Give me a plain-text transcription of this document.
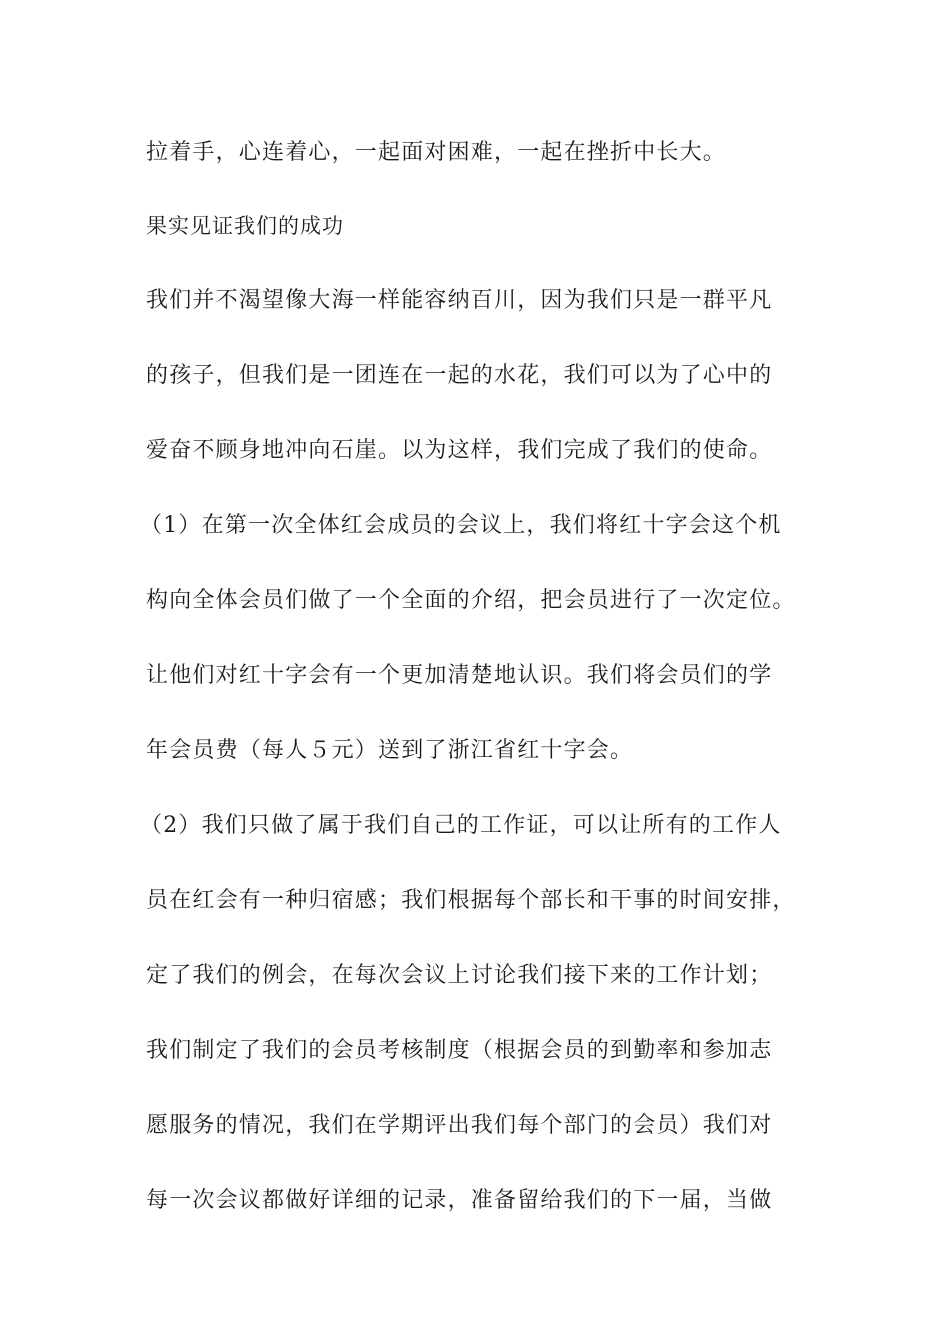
拉着手，心连着心，一起面对困难，一起在挫折中长大。

果实见证我们的成功

我们并不渴望像大海一样能容纳百川，因为我们只是一群平凡

的孩子，但我们是一团连在一起的水花，我们可以为了心中的

爱奋不顾身地冲向石崖。以为这样，我们完成了我们的使命。

（1）在第一次全体红会成员的会议上，我们将红十字会这个机

构向全体会员们做了一个全面的介绍，把会员进行了一次定位。

让他们对红十字会有一个更加清楚地认识。我们将会员们的学

年会员费（每人５元）送到了浙江省红十字会。

（2）我们只做了属于我们自己的工作证，可以让所有的工作人

员在红会有一种归宿感；我们根据每个部长和干事的时间安排，

定了我们的例会，在每次会议上讨论我们接下来的工作计划；

我们制定了我们的会员考核制度（根据会员的到勤率和参加志

愿服务的情况，我们在学期评出我们每个部门的会员）我们对

每一次会议都做好详细的记录，准备留给我们的下一届，当做
